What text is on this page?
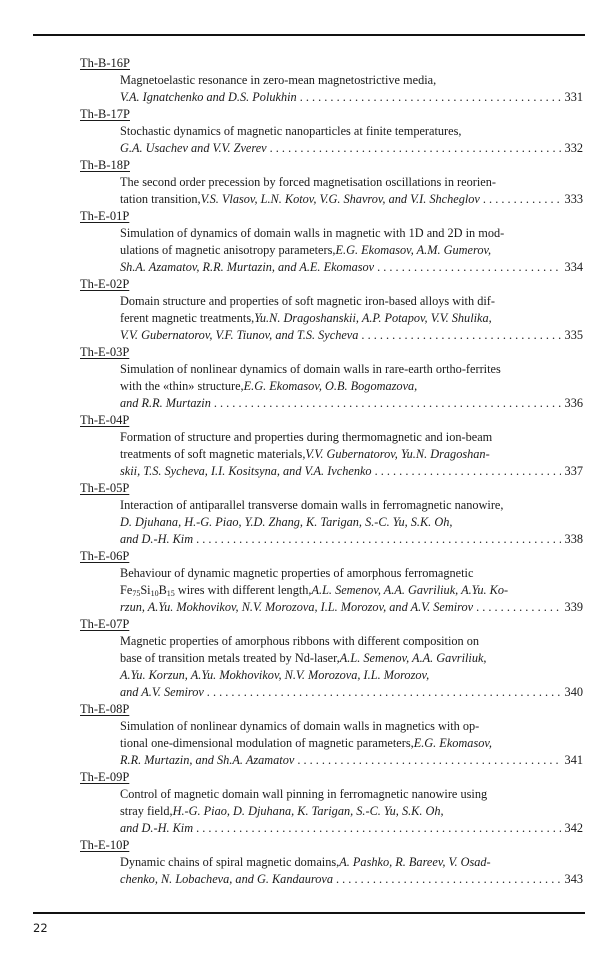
Th-B-16P
Magnetoelastic resonance in zero-mean magnetostrictive media,
V.A. Ignatchenko and D.S. Polukhin . . .	331
Th-B-17P
Stochastic dynamics of magnetic nanoparticles at finite temperatures,
G.A. Usachev and V.V. Zverev . . .	332
Th-B-18P
The second order precession by forced magnetisation oscillations in reorien-
tation transition, V.S. Vlasov, L.N. Kotov, V.G. Shavrov, and V.I. Shcheglov . . .	333
Th-E-01P
Simulation of dynamics of domain walls in magnetic with 1D and 2D in mod-
ulations of magnetic anisotropy parameters, E.G. Ekomasov, A.M. Gumerov,
Sh.A. Azamatov, R.R. Murtazin, and A.E. Ekomasov . . .	334
Th-E-02P
Domain structure and properties of soft magnetic iron-based alloys with dif-
ferent magnetic treatments, Yu.N. Dragoshanskii, A.P. Potapov, V.V. Shulika,
V.V. Gubernatorov, V.F. Tiunov, and T.S. Sycheva . . .	335
Th-E-03P
Simulation of nonlinear dynamics of domain walls in rare-earth ortho-ferrites
with the «thin» structure, E.G. Ekomasov, O.B. Bogomazova,
and R.R. Murtazin . . .	336
Th-E-04P
Formation of structure and properties during thermomagnetic and ion-beam
treatments of soft magnetic materials, V.V. Gubernatorov, Yu.N. Dragoshan-
skii, T.S. Sycheva, I.I. Kositsyna, and V.A. Ivchenko . . .	337
Th-E-05P
Interaction of antiparallel transverse domain walls in ferromagnetic nanowire,
D. Djuhana, H.-G. Piao, Y.D. Zhang, K. Tarigan, S.-C. Yu, S.K. Oh,
and D.-H. Kim . . .	338
Th-E-06P
Behaviour of dynamic magnetic properties of amorphous ferromagnetic
$Fe_{75}Si_{10}B_{15}$ wires with different length, A.L. Semenov, A.A. Gavriliuk, A.Yu. Ko-
rzun, A.Yu. Mokhovikov, N.V. Morozova, I.L. Morozov, and A.V. Semirov . . .	339
Th-E-07P
Magnetic properties of amorphous ribbons with different composition on
base of transition metals treated by Nd-laser, A.L. Semenov, A.A. Gavriliuk,
A.Yu. Korzun, A.Yu. Mokhovikov, N.V. Morozova, I.L. Morozov,
and A.V. Semirov . . .	340
Th-E-08P
Simulation of nonlinear dynamics of domain walls in magnetics with op-
tional one-dimensional modulation of magnetic parameters, E.G. Ekomasov,
R.R. Murtazin, and Sh.A. Azamatov . . .	341
Th-E-09P
Control of magnetic domain wall pinning in ferromagnetic nanowire using
stray field, H.-G. Piao, D. Djuhana, K. Tarigan, S.-C. Yu, S.K. Oh,
and D.-H. Kim . . .	342
Th-E-10P
Dynamic chains of spiral magnetic domains, A. Pashko, R. Bareev, V. Osad-
chenko, N. Lobacheva, and G. Kandaurova . . .	343
22
